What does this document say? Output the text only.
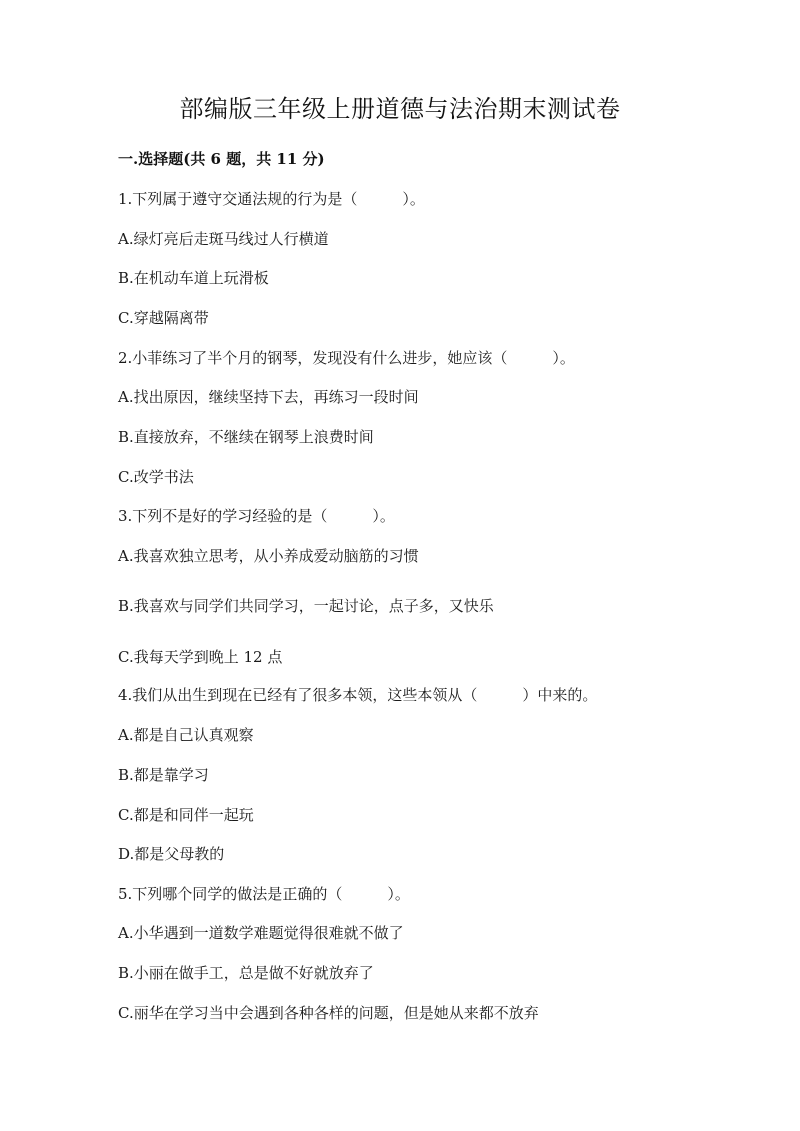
部编版三年级上册道德与法治期末测试卷
一.选择题(共 6 题，共 11 分)
1.下列属于遵守交通法规的行为是（　　　）。
A.绿灯亮后走斑马线过人行横道
B.在机动车道上玩滑板
C.穿越隔离带
2.小菲练习了半个月的钢琴，发现没有什么进步，她应该（　　　）。
A.找出原因，继续坚持下去，再练习一段时间
B.直接放弃，不继续在钢琴上浪费时间
C.改学书法
3.下列不是好的学习经验的是（　　　）。
A.我喜欢独立思考，从小养成爱动脑筋的习惯
B.我喜欢与同学们共同学习，一起讨论，点子多，又快乐
C.我每天学到晚上 12 点
4.我们从出生到现在已经有了很多本领，这些本领从（　　　）中来的。
A.都是自己认真观察
B.都是靠学习
C.都是和同伴一起玩
D.都是父母教的
5.下列哪个同学的做法是正确的（　　　）。
A.小华遇到一道数学难题觉得很难就不做了
B.小丽在做手工，总是做不好就放弃了
C.丽华在学习当中会遇到各种各样的问题，但是她从来都不放弃
